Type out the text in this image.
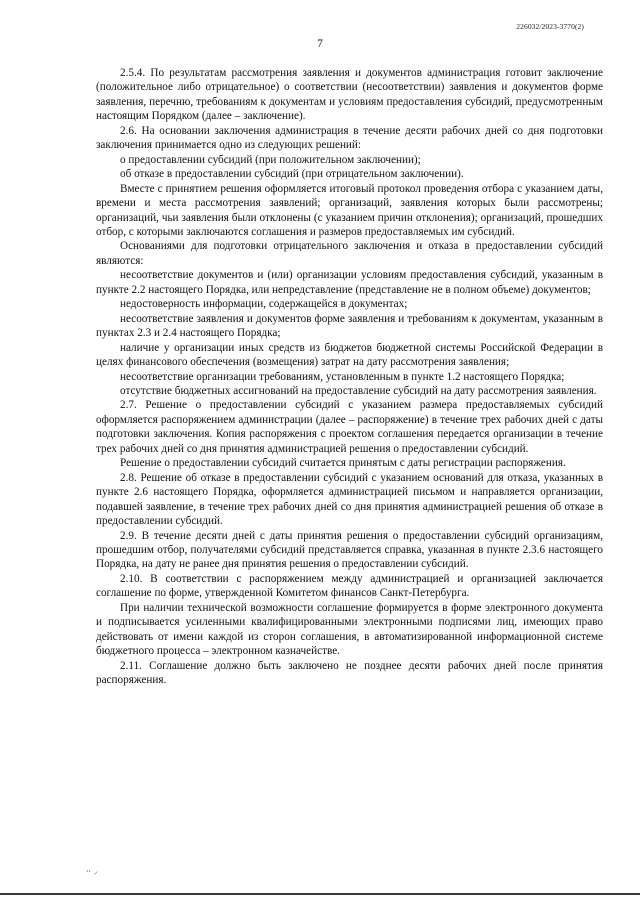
226032/2023-3770(2)
7

2.5.4. По результатам рассмотрения заявления и документов администрация готовит заключение (положительное либо отрицательное) о соответствии (несоответствии) заявления и документов форме заявления, перечню, требованиям к документам и условиям предоставления субсидий, предусмотренным настоящим Порядком (далее – заключение).

2.6. На основании заключения администрация в течение десяти рабочих дней со дня подготовки заключения принимается одно из следующих решений:

о предоставлении субсидий (при положительном заключении);

об отказе в предоставлении субсидий (при отрицательном заключении).

Вместе с принятием решения оформляется итоговый протокол проведения отбора с указанием даты, времени и места рассмотрения заявлений; организаций, заявления которых были рассмотрены; организаций, чьи заявления были отклонены (с указанием причин отклонения); организаций, прошедших отбор, с которыми заключаются соглашения и размеров предоставляемых им субсидий.

Основаниями для подготовки отрицательного заключения и отказа в предоставлении субсидий являются:

несоответствие документов и (или) организации условиям предоставления субсидий, указанным в пункте 2.2 настоящего Порядка, или непредставление (представление не в полном объеме) документов;

недостоверность информации, содержащейся в документах;

несоответствие заявления и документов форме заявления и требованиям к документам, указанным в пунктах 2.3 и 2.4 настоящего Порядка;

наличие у организации иных средств из бюджетов бюджетной системы Российской Федерации в целях финансового обеспечения (возмещения) затрат на дату рассмотрения заявления;

несоответствие организации требованиям, установленным в пункте 1.2 настоящего Порядка;

отсутствие бюджетных ассигнований на предоставление субсидий на дату рассмотрения заявления.

2.7. Решение о предоставлении субсидий с указанием размера предоставляемых субсидий оформляется распоряжением администрации (далее – распоряжение) в течение трех рабочих дней с даты подготовки заключения. Копия распоряжения с проектом соглашения передается организации в течение трех рабочих дней со дня принятия администрацией решения о предоставлении субсидий.

Решение о предоставлении субсидий считается принятым с даты регистрации распоряжения.

2.8. Решение об отказе в предоставлении субсидий с указанием оснований для отказа, указанных в пункте 2.6 настоящего Порядка, оформляется администрацией письмом и направляется организации, подавшей заявление, в течение трех рабочих дней со дня принятия администрацией решения об отказе в предоставлении субсидий.

2.9. В течение десяти дней с даты принятия решения о предоставлении субсидий организациям, прошедшим отбор, получателями субсидий представляется справка, указанная в пункте 2.3.6 настоящего Порядка, на дату не ранее дня принятия решения о предоставлении субсидий.

2.10. В соответствии с распоряжением между администрацией и организацией заключается соглашение по форме, утвержденной Комитетом финансов Санкт-Петербурга.

При наличии технической возможности соглашение формируется в форме электронного документа и подписывается усиленными квалифицированными электронными подписями лиц, имеющих право действовать от имени каждой из сторон соглашения, в автоматизированной информационной системе бюджетного процесса – электронном казначействе.

2.11. Соглашение должно быть заключено не позднее десяти рабочих дней после принятия распоряжения.

⸱⸱ ⸝
